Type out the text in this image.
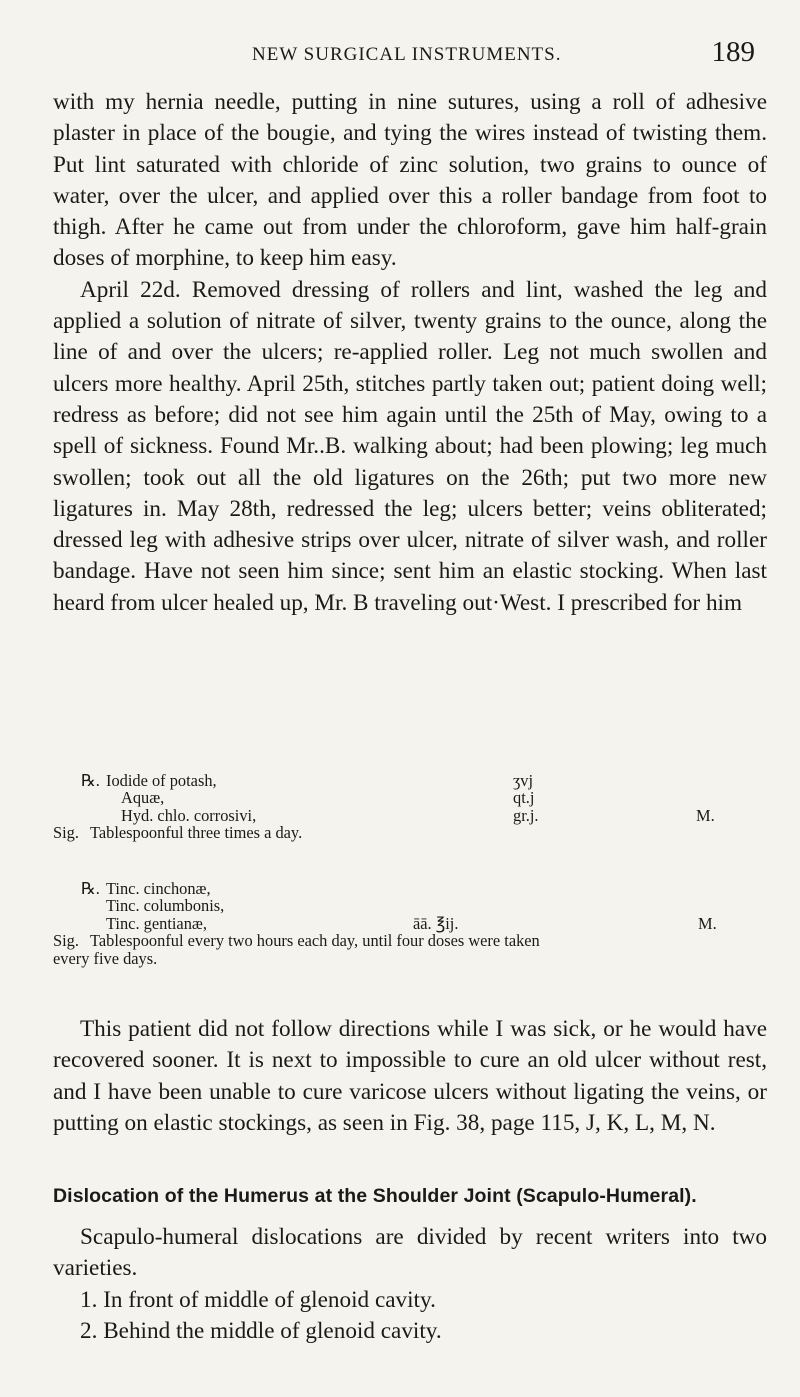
NEW SURGICAL INSTRUMENTS.	189

with my hernia needle, putting in nine sutures, using a roll of adhesive plaster in place of the bougie, and tying the wires instead of twisting them. Put lint saturated with chloride of zinc solution, two grains to ounce of water, over the ulcer, and applied over this a roller bandage from foot to thigh. After he came out from under the chloroform, gave him half-grain doses of morphine, to keep him easy.

April 22d. Removed dressing of rollers and lint, washed the leg and applied a solution of nitrate of silver, twenty grains to the ounce, along the line of and over the ulcers; re-applied roller. Leg not much swollen and ulcers more healthy. April 25th, stitches partly taken out; patient doing well; redress as before; did not see him again until the 25th of May, owing to a spell of sickness. Found Mr..B. walking about; had been plowing; leg much swollen; took out all the old ligatures on the 26th; put two more new ligatures in. May 28th, redressed the leg; ulcers better; veins obliterated; dressed leg with adhesive strips over ulcer, nitrate of silver wash, and roller bandage. Have not seen him since; sent him an elastic stocking. When last heard from ulcer healed up, Mr. B traveling out·West. I prescribed for him

℞. Iodide of potash,	ʒvj
Aquæ,	qt.j
Hyd. chlo. corrosivi,	gr.j.	M.
Sig. Tablespoonful three times a day.
℞. Tinc. cinchonæ,
Tinc. columbonis,
Tinc. gentianæ,	āā. ℥ij.	M.
Sig. Tablespoonful every two hours each day, until four doses were taken
every five days.

This patient did not follow directions while I was sick, or he would have recovered sooner. It is next to impossible to cure an old ulcer without rest, and I have been unable to cure varicose ulcers without ligating the veins, or putting on elastic stockings, as seen in Fig. 38, page 115, J, K, L, M, N.

Dislocation of the Humerus at the Shoulder Joint (Scapulo-Humeral).

Scapulo-humeral dislocations are divided by recent writers into two varieties.

1. In front of middle of glenoid cavity.

2. Behind the middle of glenoid cavity.
